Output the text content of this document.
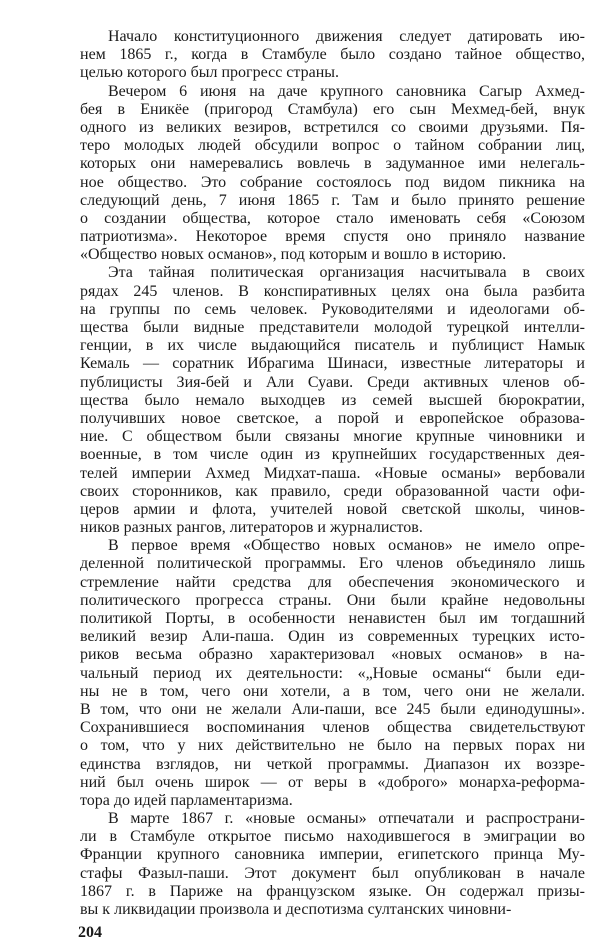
Начало конституционного движения следует датировать ию-
нем 1865 г., когда в Стамбуле было создано тайное общество,
целью которого был прогресс страны.
Вечером 6 июня на даче крупного сановника Сагыр Ахмед-
бея в Еникёе (пригород Стамбула) его сын Мехмед-бей, внук
одного из великих везиров, встретился со своими друзьями. Пя-
теро молодых людей обсудили вопрос о тайном собрании лиц,
которых они намеревались вовлечь в задуманное ими нелегаль-
ное общество. Это собрание состоялось под видом пикника на
следующий день, 7 июня 1865 г. Там и было принято решение
о создании общества, которое стало именовать себя «Союзом
патриотизма». Некоторое время спустя оно приняло название
«Общество новых османов», под которым и вошло в историю.
Эта тайная политическая организация насчитывала в своих
рядах 245 членов. В конспиративных целях она была разбита
на группы по семь человек. Руководителями и идеологами об-
щества были видные представители молодой турецкой интелли-
генции, в их числе выдающийся писатель и публицист Намык
Кемаль — соратник Ибрагима Шинаси, известные литераторы и
публицисты Зия-бей и Али Суави. Среди активных членов об-
щества было немало выходцев из семей высшей бюрократии,
получивших новое светское, а порой и европейское образова-
ние. С обществом были связаны многие крупные чиновники и
военные, в том числе один из крупнейших государственных дея-
телей империи Ахмед Мидхат-паша. «Новые османы» вербовали
своих сторонников, как правило, среди образованной части офи-
церов армии и флота, учителей новой светской школы, чинов-
ников разных рангов, литераторов и журналистов.
В первое время «Общество новых османов» не имело опре-
деленной политической программы. Его членов объединяло лишь
стремление найти средства для обеспечения экономического и
политического прогресса страны. Они были крайне недовольны
политикой Порты, в особенности ненавистен был им тогдашний
великий везир Али-паша. Один из современных турецких исто-
риков весьма образно характеризовал «новых османов» в на-
чальный период их деятельности: «„Новые османы“ были еди-
ны не в том, чего они хотели, а в том, чего они не желали.
В том, что они не желали Али-паши, все 245 были единодушны».
Сохранившиеся воспоминания членов общества свидетельствуют
о том, что у них действительно не было на первых порах ни
единства взглядов, ни четкой программы. Диапазон их воззре-
ний был очень широк — от веры в «доброго» монарха-реформа-
тора до идей парламентаризма.
В марте 1867 г. «новые османы» отпечатали и распространи-
ли в Стамбуле открытое письмо находившегося в эмиграции во
Франции крупного сановника империи, египетского принца Му-
стафы Фазыл-паши. Этот документ был опубликован в начале
1867 г. в Париже на французском языке. Он содержал призы-
вы к ликвидации произвола и деспотизма султанских чиновни-
204
